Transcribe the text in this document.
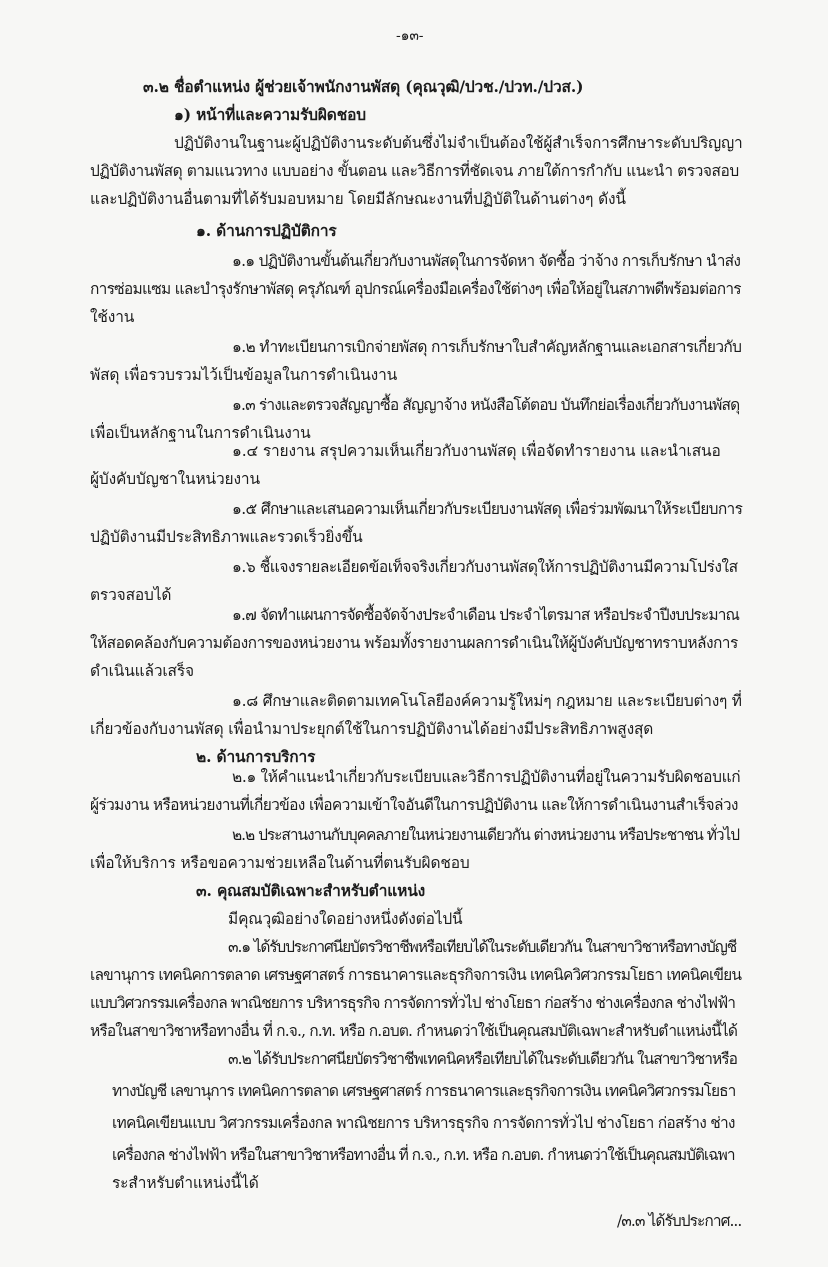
-๑๓-
๓.๒ ชื่อตำแหน่ง ผู้ช่วยเจ้าพนักงานพัสดุ (คุณวุฒิ/ปวช./ปวท./ปวส.)
๑) หน้าที่และความรับผิดชอบ
ปฏิบัติงานในฐานะผู้ปฏิบัติงานระดับต้นซึ่งไม่จำเป็นต้องใช้ผู้สำเร็จการศึกษาระดับปริญญา
ปฏิบัติงานพัสดุ ตามแนวทาง แบบอย่าง ขั้นตอน และวิธีการที่ชัดเจน ภายใต้การกำกับ แนะนำ ตรวจสอบ
และปฏิบัติงานอื่นตามที่ได้รับมอบหมาย โดยมีลักษณะงานที่ปฏิบัติในด้านต่างๆ ดังนี้
๑. ด้านการปฏิบัติการ
๑.๑ ปฏิบัติงานขั้นต้นเกี่ยวกับงานพัสดุในการจัดหา จัดซื้อ ว่าจ้าง การเก็บรักษา นำส่ง
การซ่อมแซม และบำรุงรักษาพัสดุ ครุภัณฑ์ อุปกรณ์เครื่องมือเครื่องใช้ต่างๆ เพื่อให้อยู่ในสภาพดีพร้อมต่อการ
ใช้งาน
๑.๒ ทำทะเบียนการเบิกจ่ายพัสดุ การเก็บรักษาใบสำคัญหลักฐานและเอกสารเกี่ยวกับ
พัสดุ เพื่อรวบรวมไว้เป็นข้อมูลในการดำเนินงาน
๑.๓ ร่างและตรวจสัญญาซื้อ สัญญาจ้าง หนังสือโต้ตอบ บันทึกย่อเรื่องเกี่ยวกับงานพัสดุ
เพื่อเป็นหลักฐานในการดำเนินงาน
๑.๔ รายงาน สรุปความเห็นเกี่ยวกับงานพัสดุ เพื่อจัดทำรายงาน และนำเสนอ
ผู้บังคับบัญชาในหน่วยงาน
๑.๕ ศึกษาและเสนอความเห็นเกี่ยวกับระเบียบงานพัสดุ เพื่อร่วมพัฒนาให้ระเบียบการ
ปฏิบัติงานมีประสิทธิภาพและรวดเร็วยิ่งขึ้น
๑.๖ ชี้แจงรายละเอียดข้อเท็จจริงเกี่ยวกับงานพัสดุให้การปฏิบัติงานมีความโปร่งใส
ตรวจสอบได้
๑.๗ จัดทำแผนการจัดซื้อจัดจ้างประจำเดือน ประจำไตรมาส หรือประจำปีงบประมาณ
ให้สอดคล้องกับความต้องการของหน่วยงาน พร้อมทั้งรายงานผลการดำเนินให้ผู้บังคับบัญชาทราบหลังการ
ดำเนินแล้วเสร็จ
๑.๘ ศึกษาและติดตามเทคโนโลยีองค์ความรู้ใหม่ๆ กฎหมาย และระเบียบต่างๆ ที่
เกี่ยวข้องกับงานพัสดุ เพื่อนำมาประยุกต์ใช้ในการปฏิบัติงานได้อย่างมีประสิทธิภาพสูงสุด
๒. ด้านการบริการ
๒.๑ ให้คำแนะนำเกี่ยวกับระเบียบและวิธีการปฏิบัติงานที่อยู่ในความรับผิดชอบแก่
ผู้ร่วมงาน หรือหน่วยงานที่เกี่ยวข้อง เพื่อความเข้าใจอันดีในการปฏิบัติงาน และให้การดำเนินงานสำเร็จล่วง
๒.๒ ประสานงานกับบุคคลภายในหน่วยงานเดียวกัน ต่างหน่วยงาน หรือประชาชน ทั่วไป
เพื่อให้บริการ หรือขอความช่วยเหลือในด้านที่ตนรับผิดชอบ
๓. คุณสมบัติเฉพาะสำหรับตำแหน่ง
มีคุณวุฒิอย่างใดอย่างหนึ่งดังต่อไปนี้
๓.๑ ได้รับประกาศนียบัตรวิชาชีพหรือเทียบได้ในระดับเดียวกัน ในสาขาวิชาหรือทางบัญชี
เลขานุการ เทคนิคการตลาด เศรษฐศาสตร์ การธนาคารและธุรกิจการเงิน เทคนิควิศวกรรมโยธา เทคนิคเขียน
แบบวิศวกรรมเครื่องกล พาณิชยการ บริหารธุรกิจ การจัดการทั่วไป ช่างโยธา ก่อสร้าง ช่างเครื่องกล ช่างไฟฟ้า
หรือในสาขาวิชาหรือทางอื่น ที่ ก.จ., ก.ท. หรือ ก.อบต. กำหนดว่าใช้เป็นคุณสมบัติเฉพาะสำหรับตำแหน่งนี้ได้
๓.๒ ได้รับประกาศนียบัตรวิชาชีพเทคนิคหรือเทียบได้ในระดับเดียวกัน ในสาขาวิชาหรือ
ทางบัญชี เลขานุการ เทคนิคการตลาด เศรษฐศาสตร์ การธนาคารและธุรกิจการเงิน เทคนิควิศวกรรมโยธา
เทคนิคเขียนแบบ วิศวกรรมเครื่องกล พาณิชยการ บริหารธุรกิจ การจัดการทั่วไป ช่างโยธา ก่อสร้าง ช่าง
เครื่องกล ช่างไฟฟ้า หรือในสาขาวิชาหรือทางอื่น ที่ ก.จ., ก.ท. หรือ ก.อบต. กำหนดว่าใช้เป็นคุณสมบัติเฉพา
ระสำหรับตำแหน่งนี้ได้
/๓.๓ ได้รับประกาศ...
